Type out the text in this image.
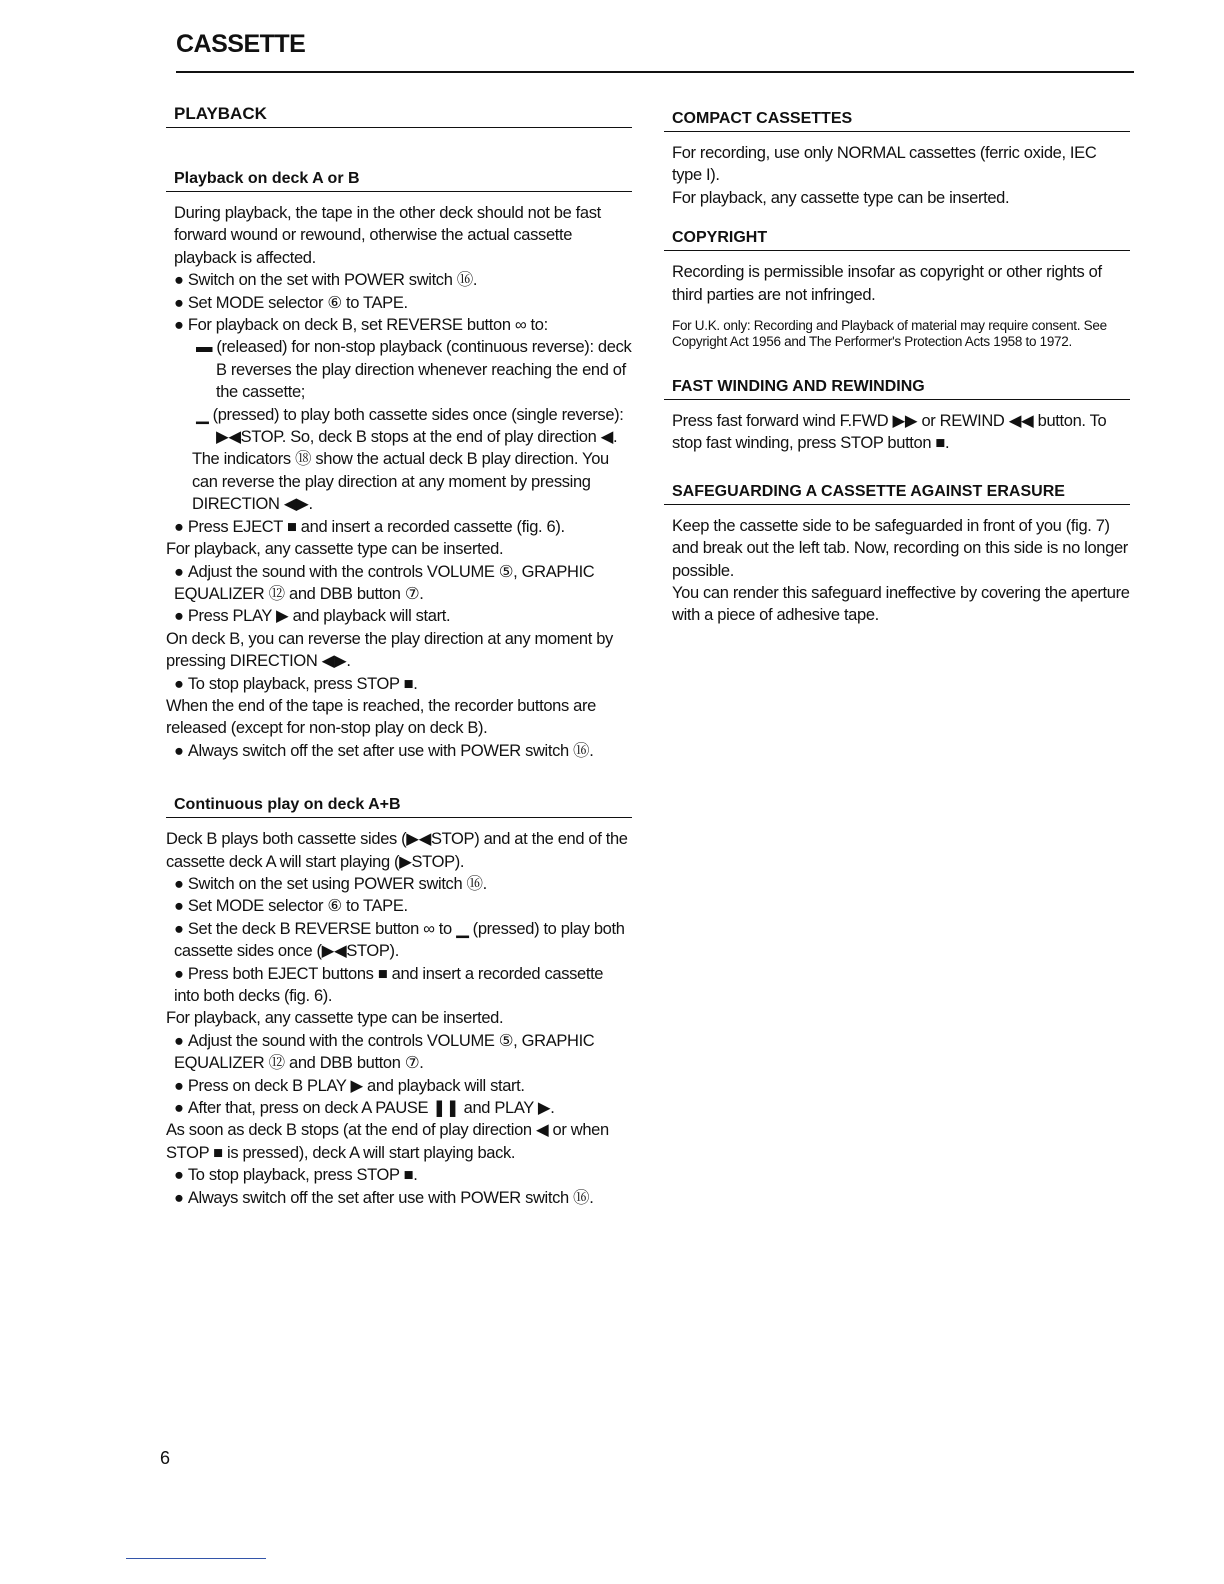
CASSETTE
PLAYBACK
Playback on deck A or B

During playback, the tape in the other deck should not be fast forward wound or rewound, otherwise the actual cassette playback is affected.

● Switch on the set with POWER switch ⑯.

● Set MODE selector ⑥ to TAPE.

● For playback on deck B, set REVERSE button ∞ to:

▬ (released) for non-stop playback (continuous reverse): deck B reverses the play direction whenever reaching the end of the cassette;

▁ (pressed) to play both cassette sides once (single reverse): ▶◀STOP. So, deck B stops at the end of play direction ◀.

The indicators ⑱ show the actual deck B play direction. You can reverse the play direction at any moment by pressing DIRECTION ◀▶.

● Press EJECT ■ and insert a recorded cassette (fig. 6).

For playback, any cassette type can be inserted.

● Adjust the sound with the controls VOLUME ⑤, GRAPHIC EQUALIZER ⑫ and DBB button ⑦.

● Press PLAY ▶ and playback will start.

On deck B, you can reverse the play direction at any moment by pressing DIRECTION ◀▶.

● To stop playback, press STOP ■.

When the end of the tape is reached, the recorder buttons are released (except for non-stop play on deck B).

● Always switch off the set after use with POWER switch ⑯.

Continuous play on deck A+B

Deck B plays both cassette sides (▶◀STOP) and at the end of the cassette deck A will start playing (▶STOP).

● Switch on the set using POWER switch ⑯.

● Set MODE selector ⑥ to TAPE.

● Set the deck B REVERSE button ∞ to ▁ (pressed) to play both cassette sides once (▶◀STOP).

● Press both EJECT buttons ■ and insert a recorded cassette into both decks (fig. 6).

For playback, any cassette type can be inserted.

● Adjust the sound with the controls VOLUME ⑤, GRAPHIC EQUALIZER ⑫ and DBB button ⑦.

● Press on deck B PLAY ▶ and playback will start.

● After that, press on deck A PAUSE ❚❚ and PLAY ▶.

As soon as deck B stops (at the end of play direction ◀ or when STOP ■ is pressed), deck A will start playing back.

● To stop playback, press STOP ■.

● Always switch off the set after use with POWER switch ⑯.

COMPACT CASSETTES

For recording, use only NORMAL cassettes (ferric oxide, IEC type I).

For playback, any cassette type can be inserted.

COPYRIGHT

Recording is permissible insofar as copyright or other rights of third parties are not infringed.

For U.K. only: Recording and Playback of material may require consent. See Copyright Act 1956 and The Performer's Protection Acts 1958 to 1972.

FAST WINDING AND REWINDING

Press fast forward wind F.FWD ▶▶ or REWIND ◀◀ button. To stop fast winding, press STOP button ■.

SAFEGUARDING A CASSETTE AGAINST ERASURE

Keep the cassette side to be safeguarded in front of you (fig. 7) and break out the left tab. Now, recording on this side is no longer possible.

You can render this safeguard ineffective by covering the aperture with a piece of adhesive tape.

6
